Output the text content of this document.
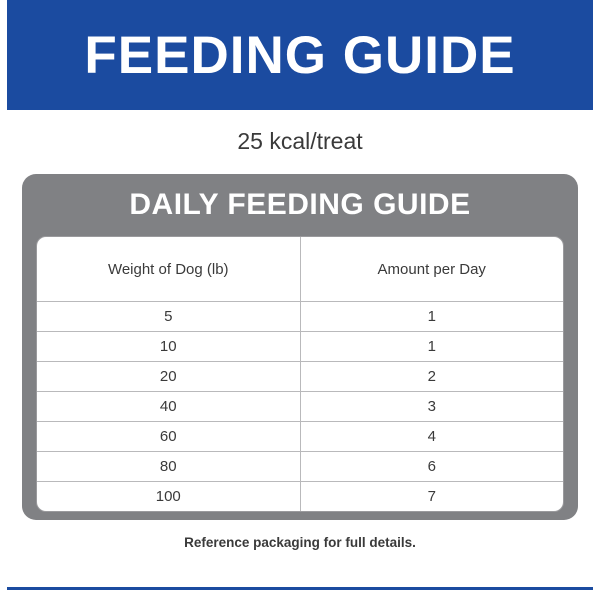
FEEDING GUIDE
25 kcal/treat
DAILY FEEDING GUIDE
Weight of Dog (lb)	Amount per Day
5	1
10	1
20	2
40	3
60	4
80	6
100	7
Reference packaging for full details.
